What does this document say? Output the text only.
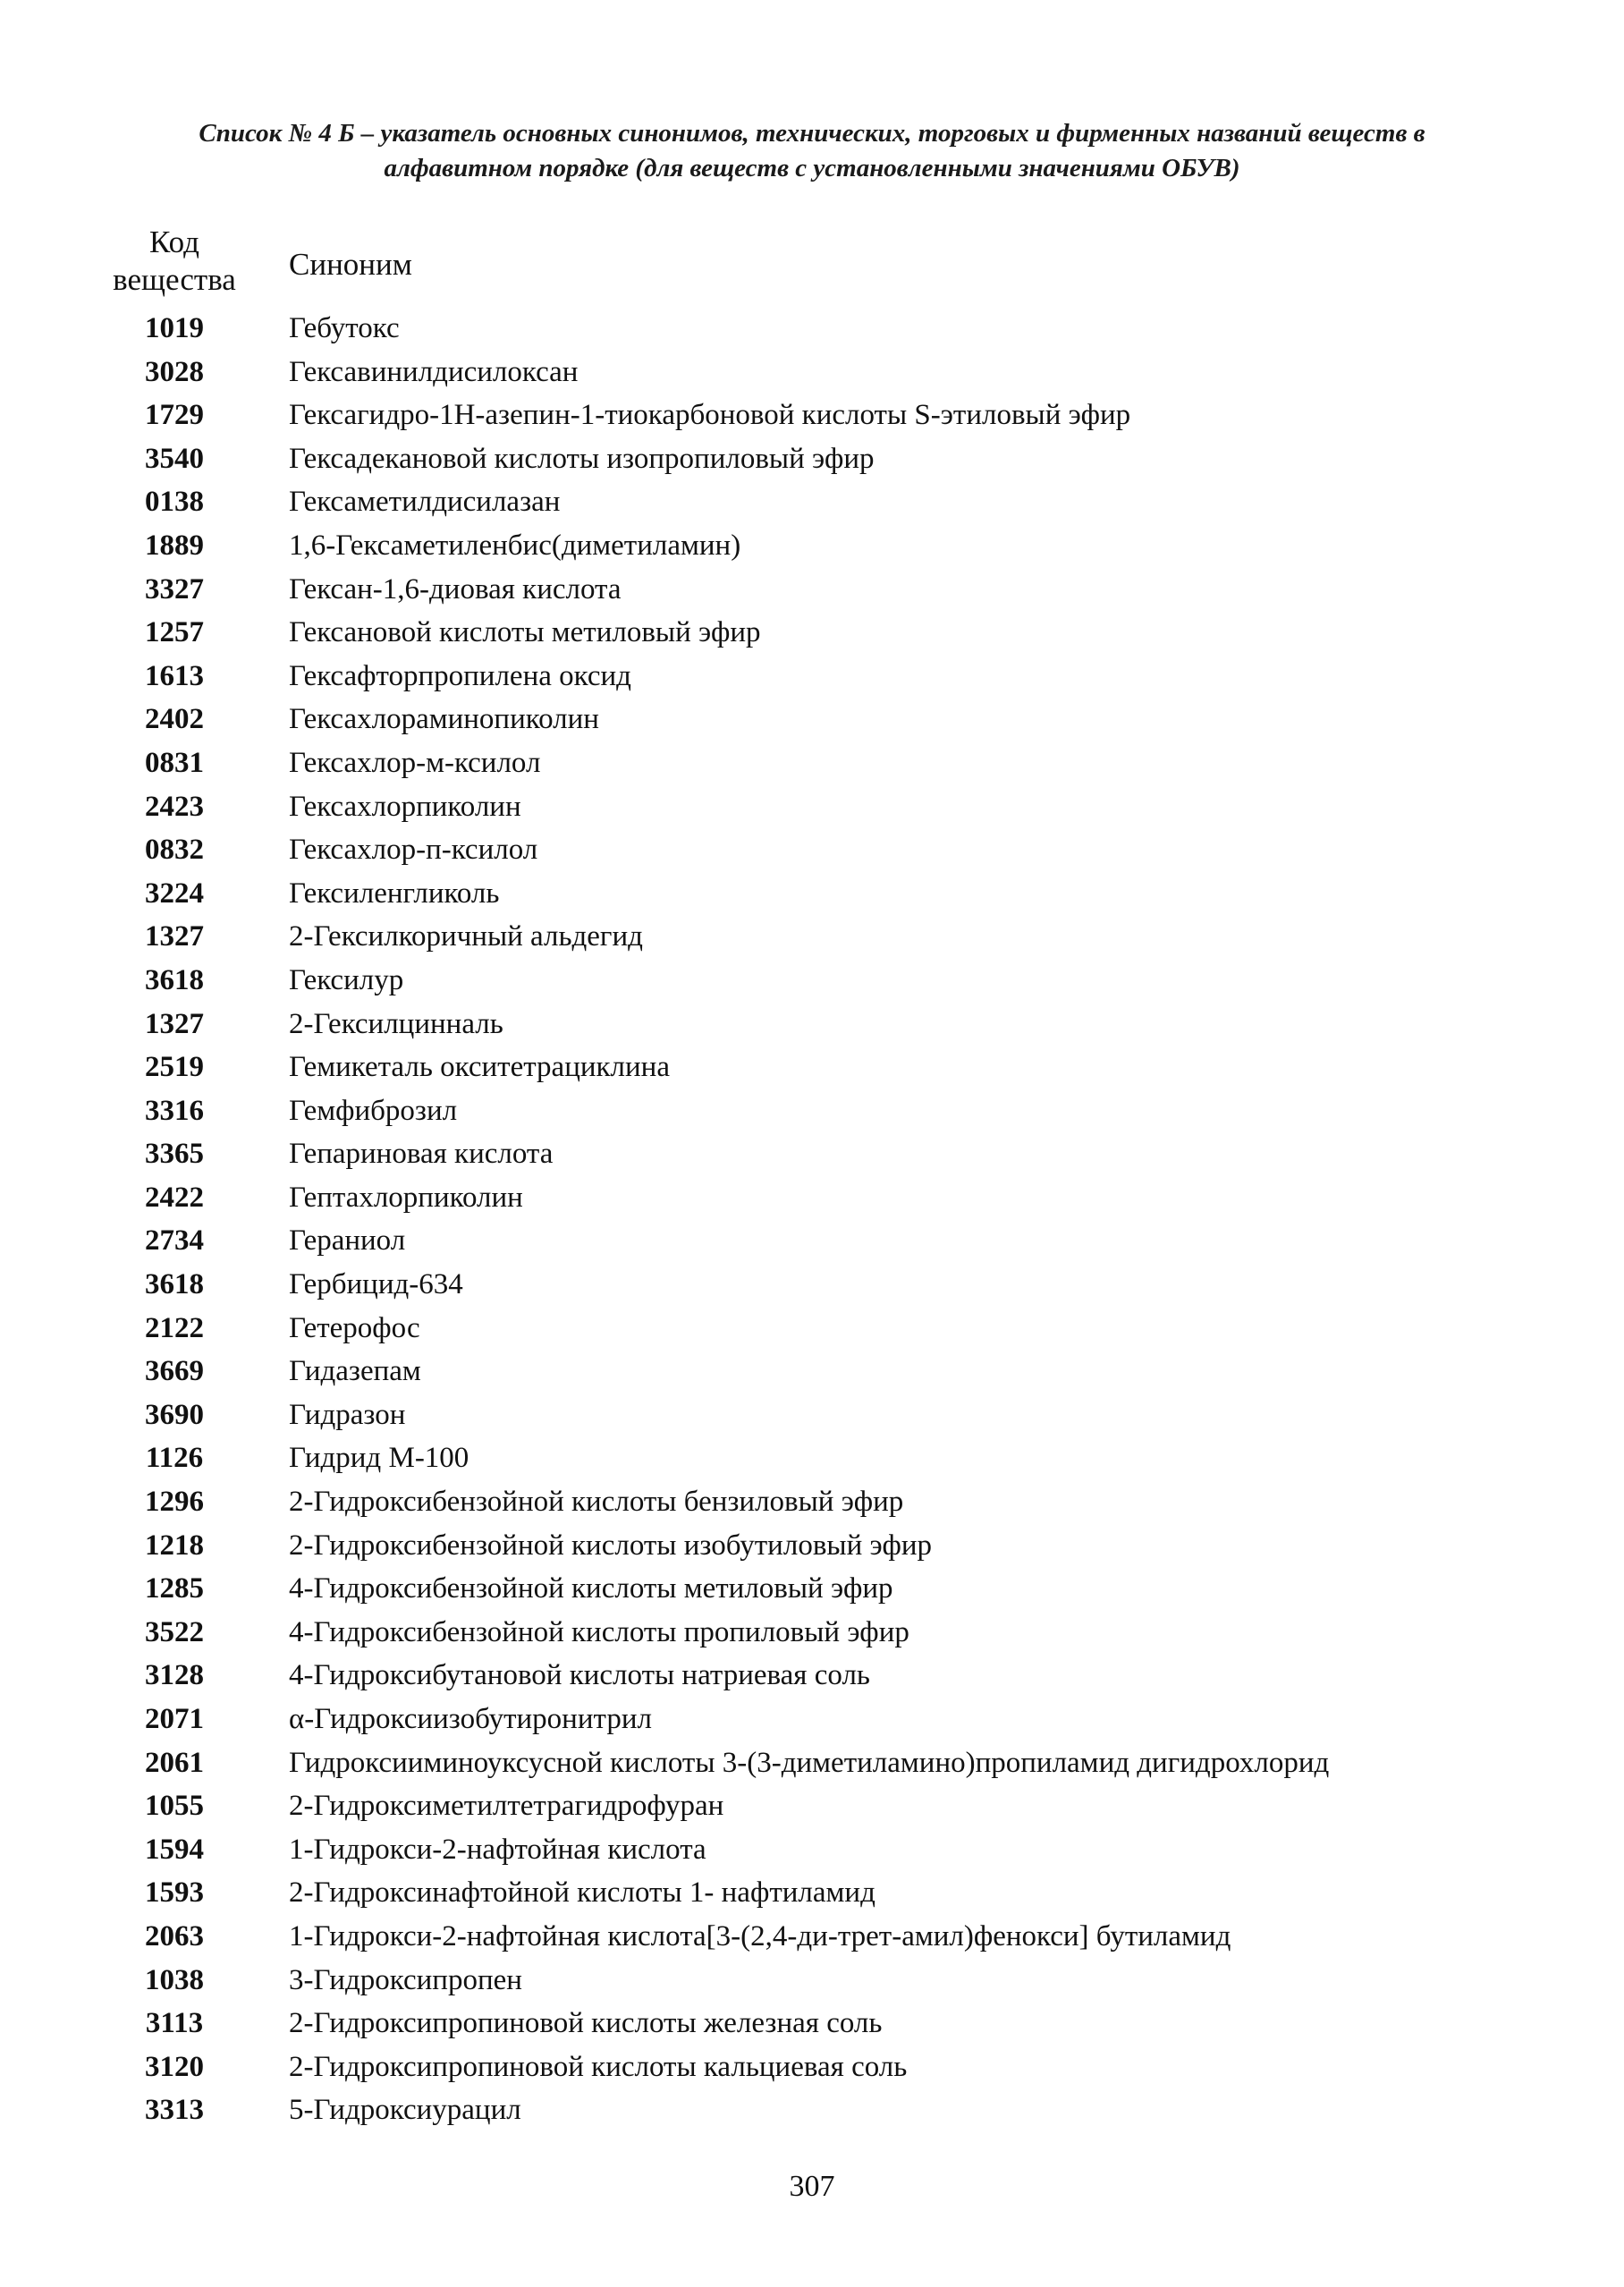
Список № 4 Б – указатель основных синонимов, технических, торговых и фирменных названий веществ в
алфавитном порядке (для веществ с установленными значениями ОБУВ)
Код
вещества	Синоним
1019	Гебутокс
3028	Гексавинилдисилоксан
1729	Гексагидро-1Н-азепин-1-тиокарбоновой кислоты S-этиловый эфир
3540	Гексадекановой кислоты изопропиловый эфир
0138	Гексаметилдисилазан
1889	1,6-Гексаметиленбис(диметиламин)
3327	Гексан-1,6-диовая кислота
1257	Гексановой кислоты метиловый эфир
1613	Гексафторпропилена оксид
2402	Гексахлораминопиколин
0831	Гексахлор-м-ксилол
2423	Гексахлорпиколин
0832	Гексахлор-п-ксилол
3224	Гексиленгликоль
1327	2-Гексилкоричный альдегид
3618	Гексилур
1327	2-Гексилцинналь
2519	Гемикеталь окситетрациклина
3316	Гемфиброзил
3365	Гепариновая кислота
2422	Гептахлорпиколин
2734	Гераниол
3618	Гербицид-634
2122	Гетерофос
3669	Гидазепам
3690	Гидразон
1126	Гидрид М-100
1296	2-Гидроксибензойной кислоты бензиловый эфир
1218	2-Гидроксибензойной кислоты изобутиловый эфир
1285	4-Гидроксибензойной кислоты метиловый эфир
3522	4-Гидроксибензойной кислоты пропиловый эфир
3128	4-Гидроксибутановой кислоты натриевая соль
2071	α-Гидроксиизобутиронитрил
2061	Гидроксииминоуксусной кислоты 3-(3-диметиламино)пропиламид дигидрохлорид
1055	2-Гидроксиметилтетрагидрофуран
1594	1-Гидрокси-2-нафтойная кислота
1593	2-Гидроксинафтойной кислоты 1- нафтиламид
2063	1-Гидрокси-2-нафтойная кислота[3-(2,4-ди-трет-амил)фенокси] бутиламид
1038	3-Гидроксипропен
3113	2-Гидроксипропиновой кислоты железная соль
3120	2-Гидроксипропиновой кислоты кальциевая соль
3313	5-Гидроксиурацил
307
